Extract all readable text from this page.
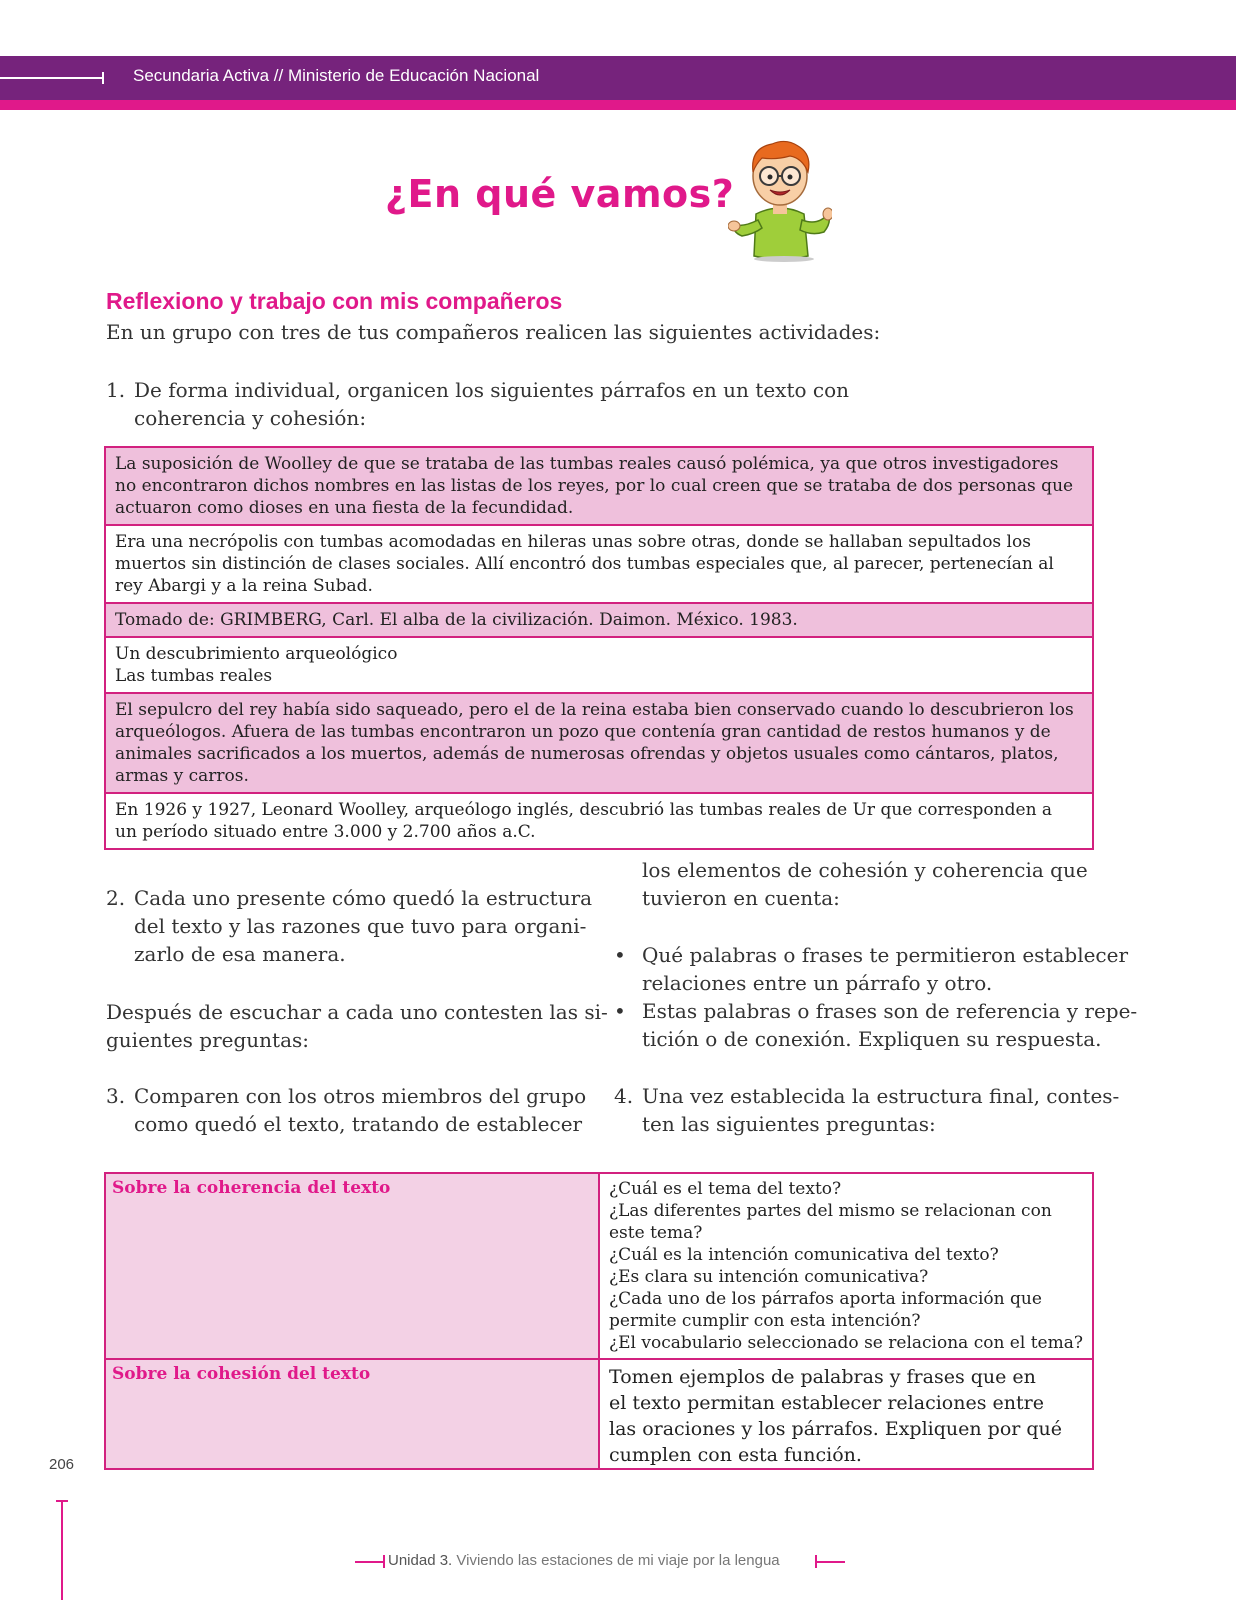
Secundaria Activa // Ministerio de Educación Nacional
¿En qué vamos?
Reflexiono y trabajo con mis compañeros
En un grupo con tres de tus compañeros realicen las siguientes actividades:
1. De forma individual, organicen los siguientes párrafos en un texto con
coherencia y cohesión:
La suposición de Woolley de que se trataba de las tumbas reales causó polémica, ya que otros investigadores
no encontraron dichos nombres en las listas de los reyes, por lo cual creen que se trataba de dos personas que
actuaron como dioses en una fiesta de la fecundidad.
Era una necrópolis con tumbas acomodadas en hileras unas sobre otras, donde se hallaban sepultados los
muertos sin distinción de clases sociales. Allí encontró dos tumbas especiales que, al parecer, pertenecían al
rey Abargi y a la reina Subad.
Tomado de: GRIMBERG, Carl. El alba de la civilización. Daimon. México. 1983.
Un descubrimiento arqueológico
Las tumbas reales
El sepulcro del rey había sido saqueado, pero el de la reina estaba bien conservado cuando lo descubrieron los
arqueólogos. Afuera de las tumbas encontraron un pozo que contenía gran cantidad de restos humanos y de
animales sacrificados a los muertos, además de numerosas ofrendas y objetos usuales como cántaros, platos,
armas y carros.
En 1926 y 1927, Leonard Woolley, arqueólogo inglés, descubrió las tumbas reales de Ur que corresponden a
un período situado entre 3.000 y 2.700 años a.C.
2. Cada uno presente cómo quedó la estructura
del texto y las razones que tuvo para organi-
zarlo de esa manera.
Después de escuchar a cada uno contesten las si-
guientes preguntas:
3. Comparen con los otros miembros del grupo
como quedó el texto, tratando de establecer
los elementos de cohesión y coherencia que
tuvieron en cuenta:
• Qué palabras o frases te permitieron establecer
relaciones entre un párrafo y otro.
• Estas palabras o frases son de referencia y repe-
tición o de conexión. Expliquen su respuesta.
4. Una vez establecida la estructura final, contes-
ten las siguientes preguntas:
Sobre la coherencia del texto	¿Cuál es el tema del texto?
¿Las diferentes partes del mismo se relacionan con
este tema?
¿Cuál es la intención comunicativa del texto?
¿Es clara su intención comunicativa?
¿Cada uno de los párrafos aporta información que
permite cumplir con esta intención?
¿El vocabulario seleccionado se relaciona con el tema?
Sobre la cohesión del texto	Tomen ejemplos de palabras y frases que en
el texto permitan establecer relaciones entre
las oraciones y los párrafos. Expliquen por qué
cumplen con esta función.
206
Unidad 3. Viviendo las estaciones de mi viaje por la lengua
